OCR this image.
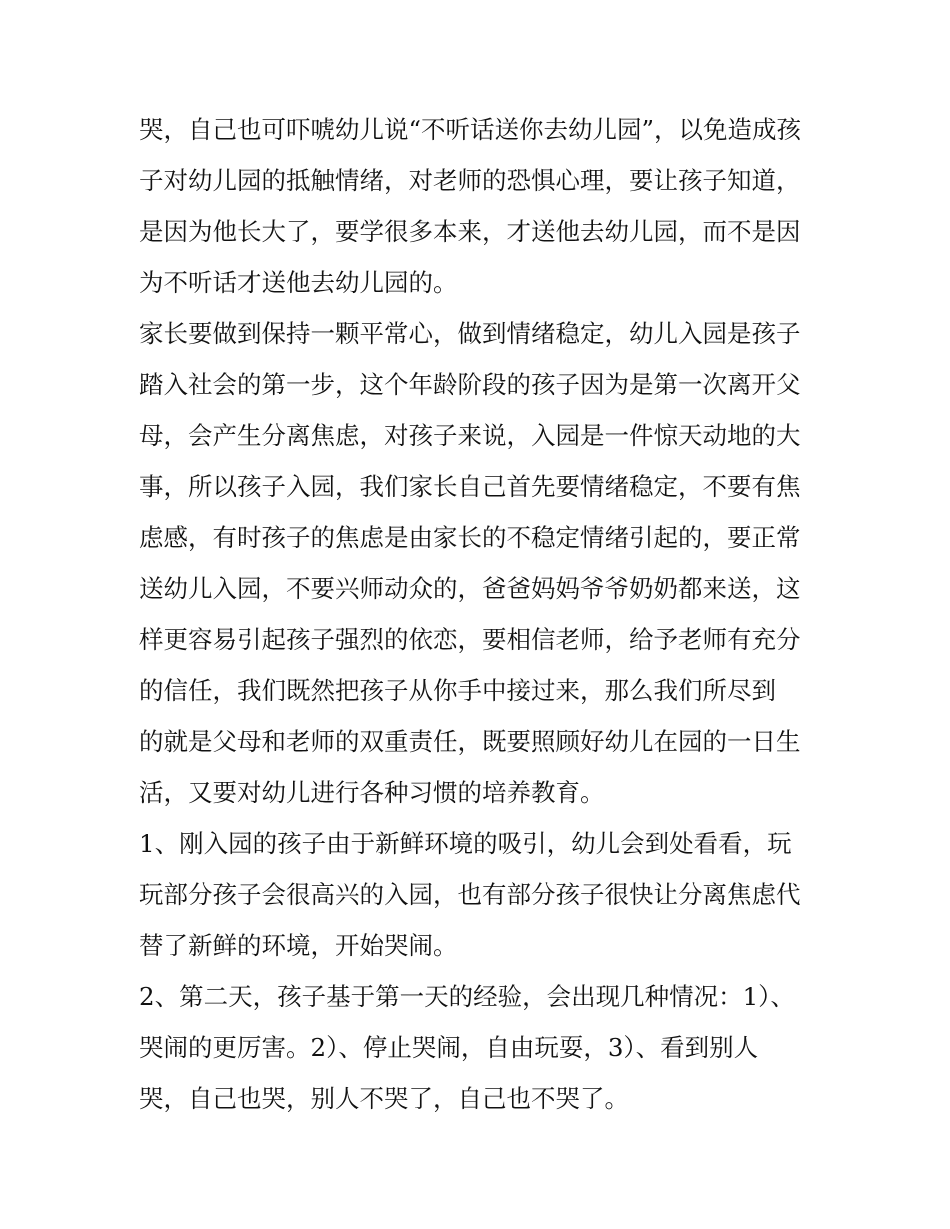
哭，自己也可吓唬幼儿说“不听话送你去幼儿园”，以免造成孩
子对幼儿园的抵触情绪，对老师的恐惧心理，要让孩子知道，
是因为他长大了，要学很多本来，才送他去幼儿园，而不是因
为不听话才送他去幼儿园的。
家长要做到保持一颗平常心，做到情绪稳定，幼儿入园是孩子
踏入社会的第一步，这个年龄阶段的孩子因为是第一次离开父
母，会产生分离焦虑，对孩子来说，入园是一件惊天动地的大
事，所以孩子入园，我们家长自己首先要情绪稳定，不要有焦
虑感，有时孩子的焦虑是由家长的不稳定情绪引起的，要正常
送幼儿入园，不要兴师动众的，爸爸妈妈爷爷奶奶都来送，这
样更容易引起孩子强烈的依恋，要相信老师，给予老师有充分
的信任，我们既然把孩子从你手中接过来，那么我们所尽到
的就是父母和老师的双重责任，既要照顾好幼儿在园的一日生
活，又要对幼儿进行各种习惯的培养教育。
1、刚入园的孩子由于新鲜环境的吸引，幼儿会到处看看，玩
玩部分孩子会很高兴的入园，也有部分孩子很快让分离焦虑代
替了新鲜的环境，开始哭闹。
2、第二天，孩子基于第一天的经验，会出现几种情况：1）、
哭闹的更厉害。2）、停止哭闹，自由玩耍，3）、看到别人
哭，自己也哭，别人不哭了，自己也不哭了。
